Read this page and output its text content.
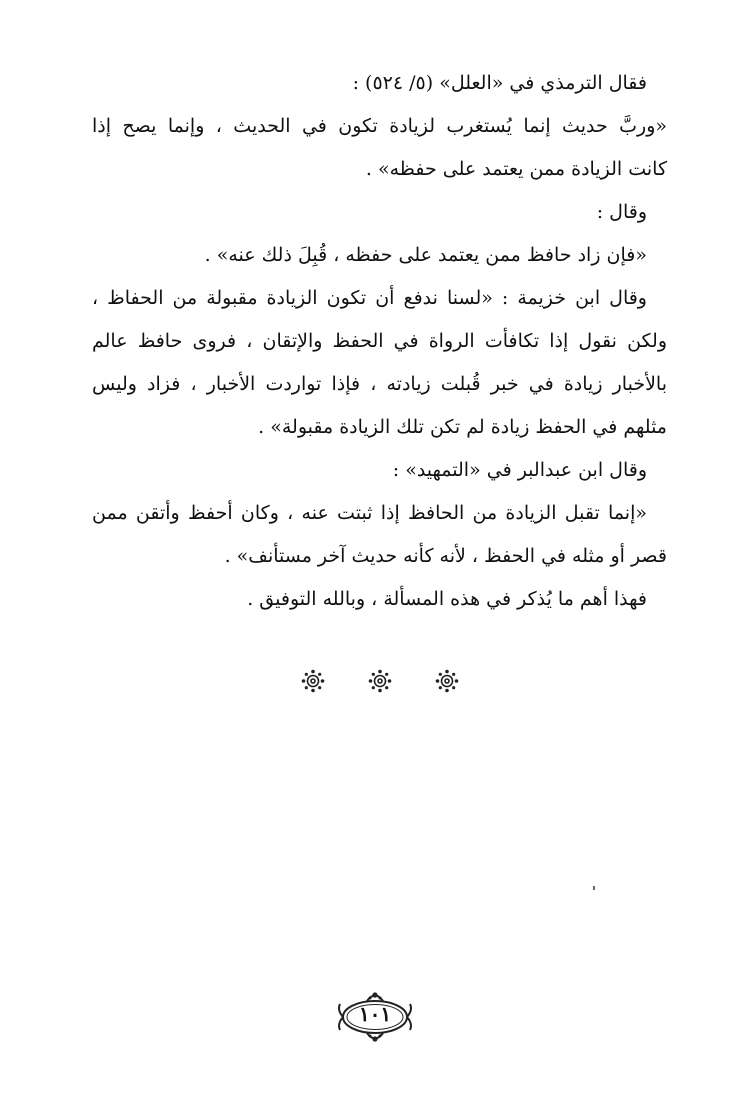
فقال الترمذي في «العلل» (٥/ ٥٢٤) :
«وربَّ حديث إنما يُستغرب لزيادة تكون في الحديث ، وإنما يصح إذا
كانت الزيادة ممن يعتمد على حفظه» .
وقال :
«فإن زاد حافظ ممن يعتمد على حفظه ، قُبِلَ ذلك عنه» .
وقال ابن خزيمة : «لسنا ندفع أن تكون الزيادة مقبولة من الحفاظ ،
ولكن نقول إذا تكافأت الرواة في الحفظ والإتقان ، فروى حافظ عالم
بالأخبار زيادة في خبر قُبلت زيادته ، فإذا تواردت الأخبار ، فزاد وليس
مثلهم في الحفظ زيادة لم تكن تلك الزيادة مقبولة» .
وقال ابن عبدالبر في «التمهيد» :
«إنما تقبل الزيادة من الحافظ إذا ثبتت عنه ، وكان أحفظ وأتقن ممن
قصر أو مثله في الحفظ ، لأنه كأنه حديث آخر مستأنف» .
فهذا أهم ما يُذكر في هذه المسألة ، وبالله التوفيق .
١٠١
